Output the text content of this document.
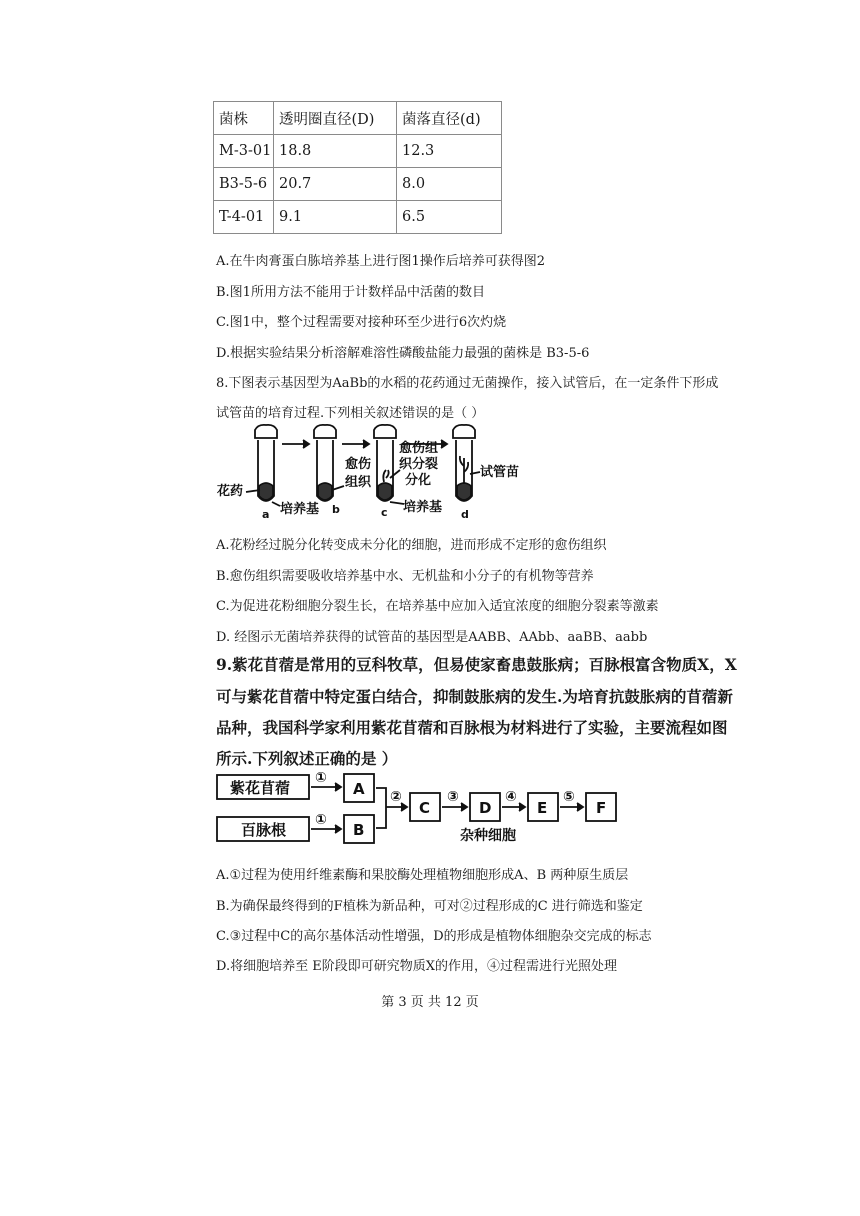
菌株	透明圈直径(D)	菌落直径(d)
M-3-01	18.8	12.3
B3-5-6	20.7	8.0
T-4-01	9.1	6.5
A.在牛肉膏蛋白胨培养基上进行图1操作后培养可获得图2
B.图1所用方法不能用于计数样品中活菌的数目
C.图1中，整个过程需要对接种环至少进行6次灼烧
D.根据实验结果分析溶解难溶性磷酸盐能力最强的菌株是 B3-5-6
8.下图表示基因型为AaBb的水稻的花药通过无菌操作，接入试管后，在一定条件下形成
试管苗的培育过程.下列相关叙述错误的是（ ）
花药
培养基
愈伤
组织
愈伤组
织分裂
分化
培养基
试管苗
a	b	c	d
A.花粉经过脱分化转变成未分化的细胞，进而形成不定形的愈伤组织
B.愈伤组织需要吸收培养基中水、无机盐和小分子的有机物等营养
C.为促进花粉细胞分裂生长，在培养基中应加入适宜浓度的细胞分裂素等激素
D. 经图示无菌培养获得的试管苗的基因型是AABB、AAbb、aaBB、aabb
9.紫花苜蓿是常用的豆科牧草，但易使家畜患鼓胀病；百脉根富含物质X，X
可与紫花苜蓿中特定蛋白结合，抑制鼓胀病的发生.为培育抗鼓胀病的苜蓿新
品种，我国科学家利用紫花苜蓿和百脉根为材料进行了实验，主要流程如图
所示.下列叙述正确的是 ）
紫花苜蓿
百脉根
①
①
②	③	④	⑤
A
B
C	D	E	F
杂种细胞
A.①过程为使用纤维素酶和果胶酶处理植物细胞形成A、B 两种原生质层
B.为确保最终得到的F植株为新品种，可对②过程形成的C 进行筛选和鉴定
C.③过程中C的高尔基体活动性增强，D的形成是植物体细胞杂交完成的标志
D.将细胞培养至 E阶段即可研究物质X的作用，④过程需进行光照处理
第 3 页 共 12 页
